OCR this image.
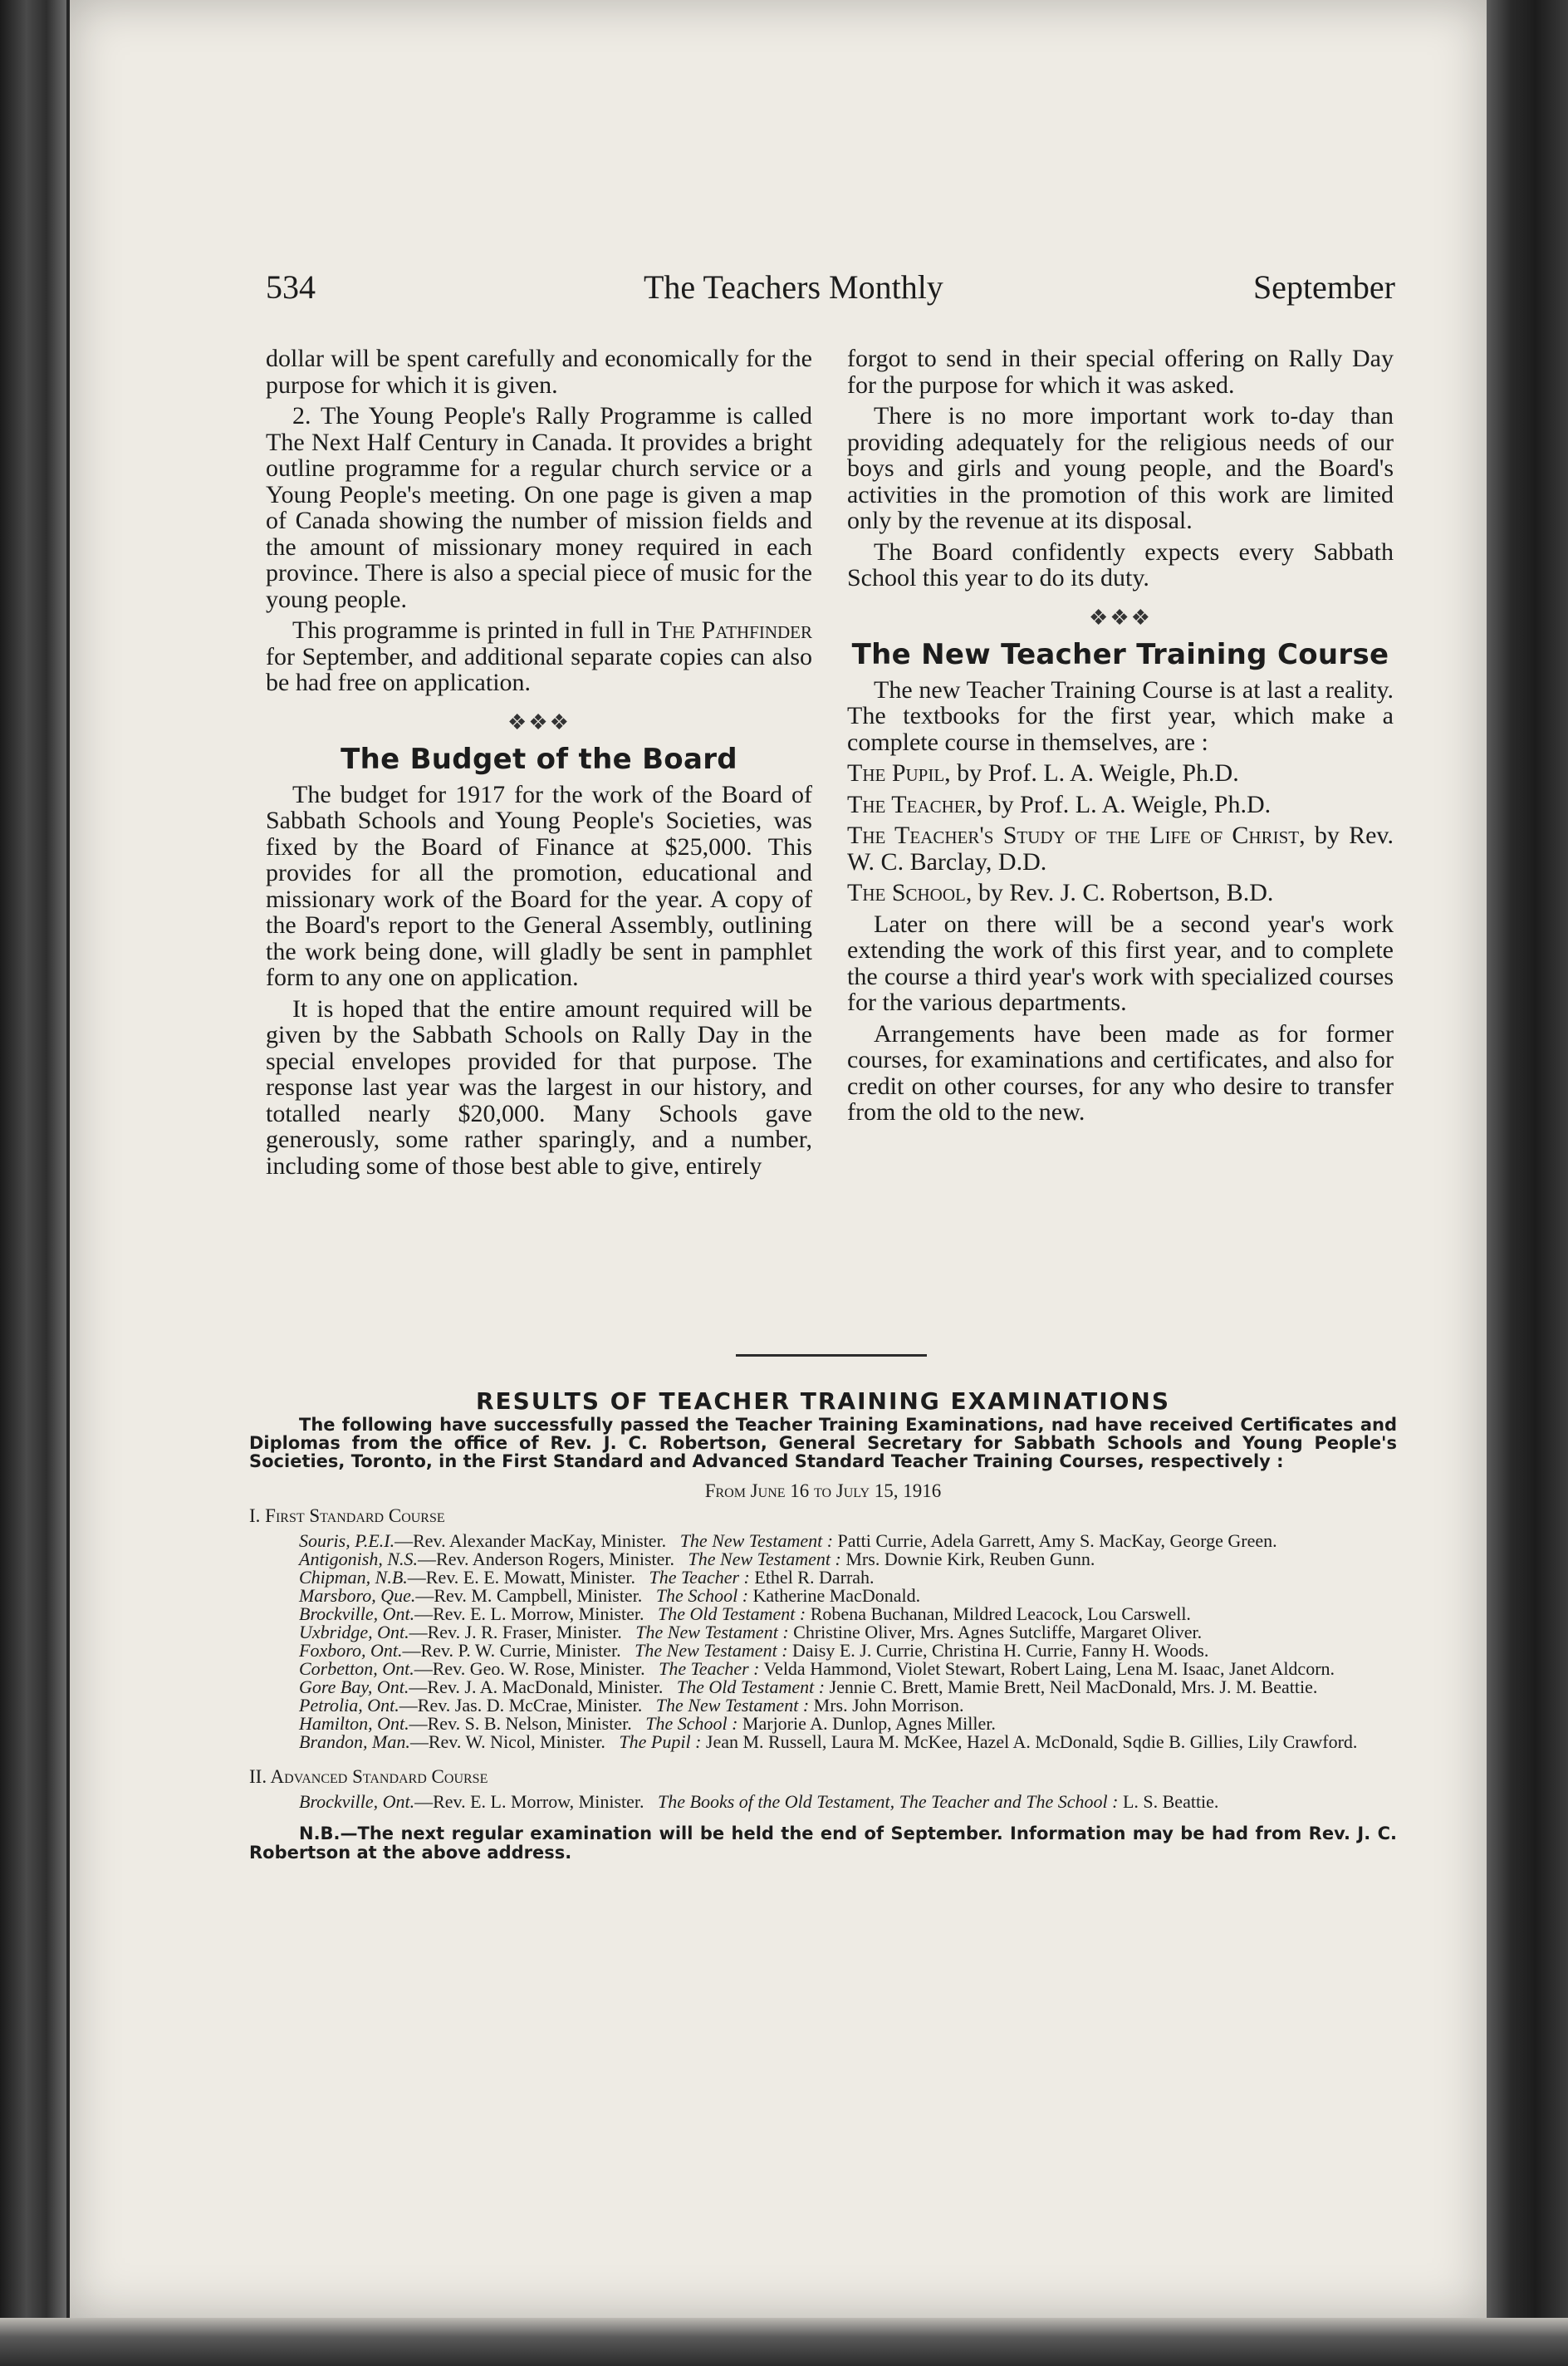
534	The Teachers Monthly	September

dollar will be spent carefully and economically for the purpose for which it is given.

2. The Young People's Rally Programme is called The Next Half Century in Canada. It provides a bright outline programme for a regular church service or a Young People's meeting. On one page is given a map of Canada showing the number of mission fields and the amount of missionary money required in each province. There is also a special piece of music for the young people.

This programme is printed in full in The Pathfinder for September, and additional separate copies can also be had free on application.

❖❖❖
The Budget of the Board

The budget for 1917 for the work of the Board of Sabbath Schools and Young People's Societies, was fixed by the Board of Finance at $25,000. This provides for all the promotion, educational and missionary work of the Board for the year. A copy of the Board's report to the General Assembly, outlining the work being done, will gladly be sent in pamphlet form to any one on application.

It is hoped that the entire amount required will be given by the Sabbath Schools on Rally Day in the special envelopes provided for that purpose. The response last year was the largest in our history, and totalled nearly $20,000. Many Schools gave generously, some rather sparingly, and a number, including some of those best able to give, entirely

forgot to send in their special offering on Rally Day for the purpose for which it was asked.

There is no more important work to-day than providing adequately for the religious needs of our boys and girls and young people, and the Board's activities in the promotion of this work are limited only by the revenue at its disposal.

The Board confidently expects every Sabbath School this year to do its duty.

❖❖❖
The New Teacher Training Course

The new Teacher Training Course is at last a reality. The textbooks for the first year, which make a complete course in themselves, are :

The Pupil, by Prof. L. A. Weigle, Ph.D.

The Teacher, by Prof. L. A. Weigle, Ph.D.

The Teacher's Study of the Life of Christ, by Rev. W. C. Barclay, D.D.

The School, by Rev. J. C. Robertson, B.D.

Later on there will be a second year's work extending the work of this first year, and to complete the course a third year's work with specialized courses for the various departments.

Arrangements have been made as for former courses, for examinations and certificates, and also for credit on other courses, for any who desire to transfer from the old to the new.

RESULTS OF TEACHER TRAINING EXAMINATIONS
The following have successfully passed the Teacher Training Examinations, nad have received Certificates and Diplomas from the office of Rev. J. C. Robertson, General Secretary for Sabbath Schools and Young People's Societies, Toronto, in the First Standard and Advanced Standard Teacher Training Courses, respectively :
From June 16 to July 15, 1916
I. First Standard Course

Souris, P.E.I.—Rev. Alexander MacKay, Minister. The New Testament : Patti Currie, Adela Garrett, Amy S. MacKay, George Green.

Antigonish, N.S.—Rev. Anderson Rogers, Minister. The New Testament : Mrs. Downie Kirk, Reuben Gunn.

Chipman, N.B.—Rev. E. E. Mowatt, Minister. The Teacher : Ethel R. Darrah.

Marsboro, Que.—Rev. M. Campbell, Minister. The School : Katherine MacDonald.

Brockville, Ont.—Rev. E. L. Morrow, Minister. The Old Testament : Robena Buchanan, Mildred Leacock, Lou Carswell.

Uxbridge, Ont.—Rev. J. R. Fraser, Minister. The New Testament : Christine Oliver, Mrs. Agnes Sutcliffe, Margaret Oliver.

Foxboro, Ont.—Rev. P. W. Currie, Minister. The New Testament : Daisy E. J. Currie, Christina H. Currie, Fanny H. Woods.

Corbetton, Ont.—Rev. Geo. W. Rose, Minister. The Teacher : Velda Hammond, Violet Stewart, Robert Laing, Lena M. Isaac, Janet Aldcorn.

Gore Bay, Ont.—Rev. J. A. MacDonald, Minister. The Old Testament : Jennie C. Brett, Mamie Brett, Neil MacDonald, Mrs. J. M. Beattie.

Petrolia, Ont.—Rev. Jas. D. McCrae, Minister. The New Testament : Mrs. John Morrison.

Hamilton, Ont.—Rev. S. B. Nelson, Minister. The School : Marjorie A. Dunlop, Agnes Miller.

Brandon, Man.—Rev. W. Nicol, Minister. The Pupil : Jean M. Russell, Laura M. McKee, Hazel A. McDonald, Sqdie B. Gillies, Lily Crawford.

II. Advanced Standard Course

Brockville, Ont.—Rev. E. L. Morrow, Minister. The Books of the Old Testament, The Teacher and The School : L. S. Beattie.

N.B.—The next regular examination will be held the end of September. Information may be had from Rev. J. C. Robertson at the above address.
